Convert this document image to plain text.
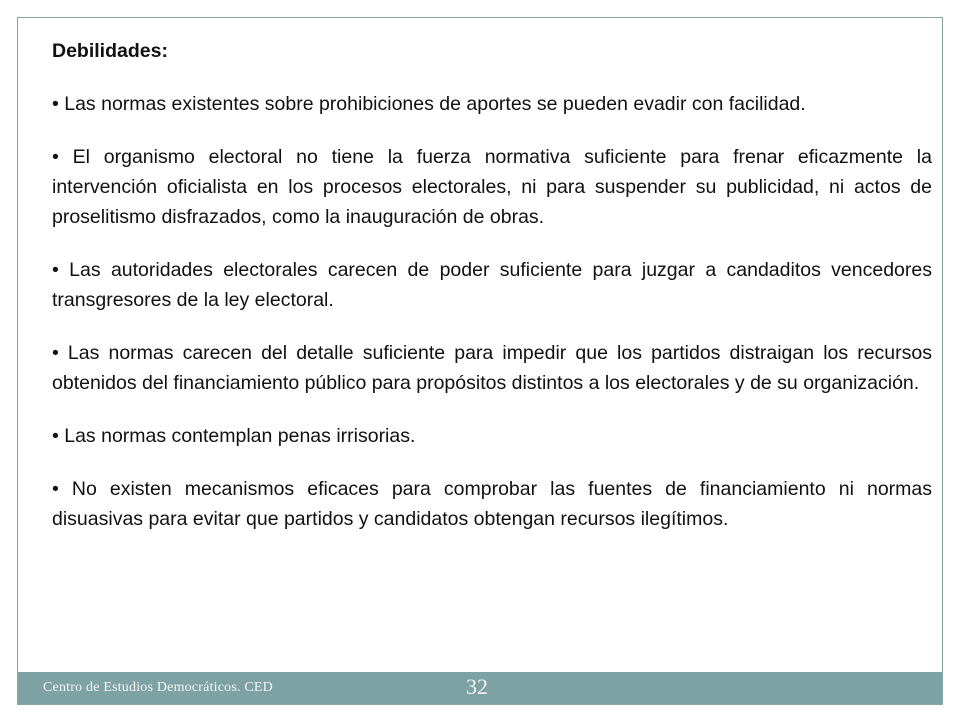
Debilidades:

• Las normas existentes sobre prohibiciones de aportes se pueden evadir con facilidad.

• El organismo electoral no tiene la fuerza normativa suficiente para frenar eficazmente la intervención oficialista en los procesos electorales, ni para suspender su publicidad, ni actos de proselitismo disfrazados, como la inauguración de obras.

• Las autoridades electorales carecen de poder suficiente para juzgar a candaditos vencedores transgresores de la ley electoral.

• Las normas carecen del detalle suficiente para impedir que los partidos distraigan los recursos obtenidos del financiamiento público para propósitos distintos a los electorales y de su organización.

• Las normas contemplan penas irrisorias.

• No existen mecanismos eficaces para comprobar las fuentes de financiamiento ni normas disuasivas para evitar que partidos y candidatos obtengan recursos ilegítimos.

Centro de Estudios Democráticos. CED	32
